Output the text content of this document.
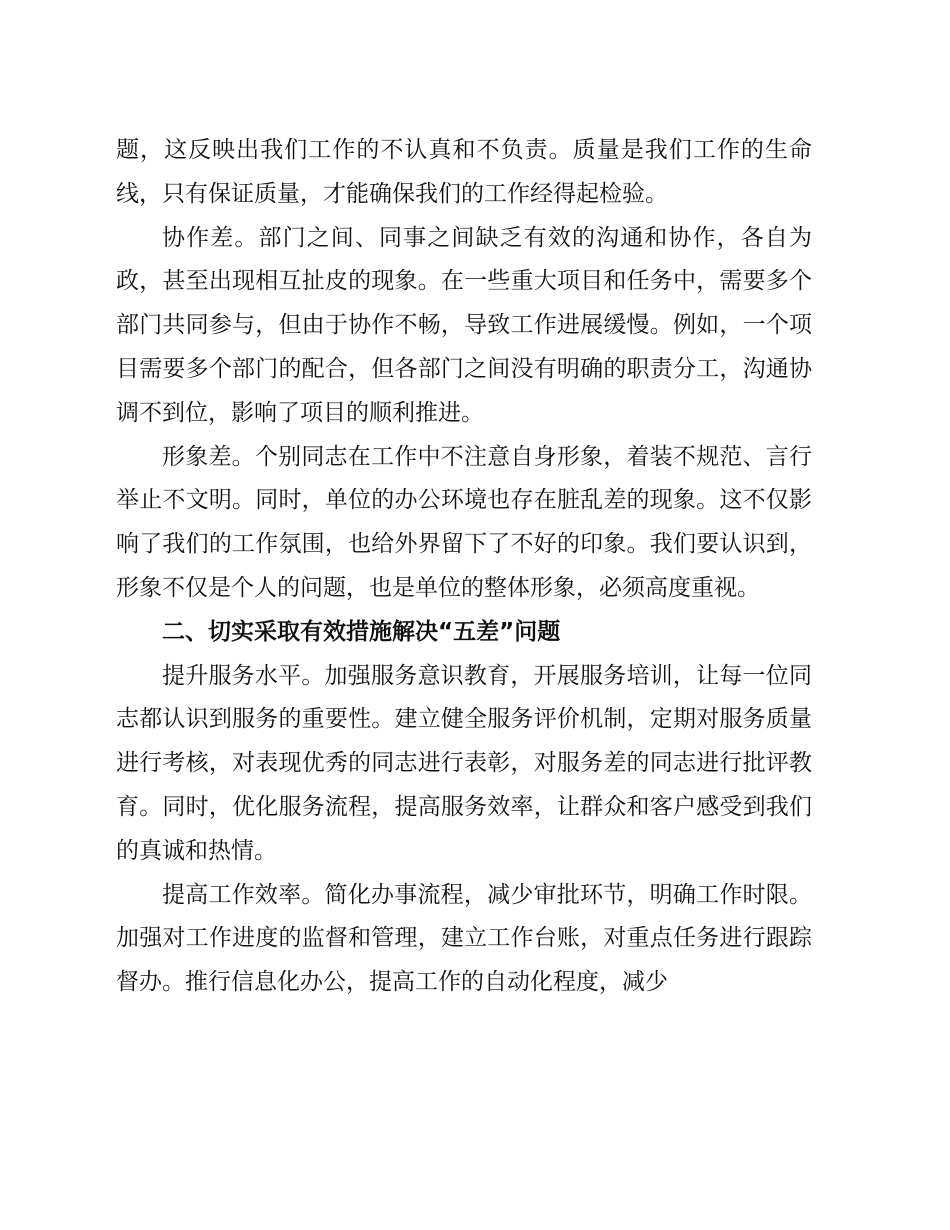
题，这反映出我们工作的不认真和不负责。质量是我们工作的生命线，只有保证质量，才能确保我们的工作经得起检验。

协作差。部门之间、同事之间缺乏有效的沟通和协作，各自为政，甚至出现相互扯皮的现象。在一些重大项目和任务中，需要多个部门共同参与，但由于协作不畅，导致工作进展缓慢。例如，一个项目需要多个部门的配合，但各部门之间没有明确的职责分工，沟通协调不到位，影响了项目的顺利推进。

形象差。个别同志在工作中不注意自身形象，着装不规范、言行举止不文明。同时，单位的办公环境也存在脏乱差的现象。这不仅影响了我们的工作氛围，也给外界留下了不好的印象。我们要认识到，形象不仅是个人的问题，也是单位的整体形象，必须高度重视。

二、切实采取有效措施解决“五差”问题

提升服务水平。加强服务意识教育，开展服务培训，让每一位同志都认识到服务的重要性。建立健全服务评价机制，定期对服务质量进行考核，对表现优秀的同志进行表彰，对服务差的同志进行批评教育。同时，优化服务流程，提高服务效率，让群众和客户感受到我们的真诚和热情。

提高工作效率。简化办事流程，减少审批环节，明确工作时限。加强对工作进度的监督和管理，建立工作台账，对重点任务进行跟踪督办。推行信息化办公，提高工作的自动化程度，减少
